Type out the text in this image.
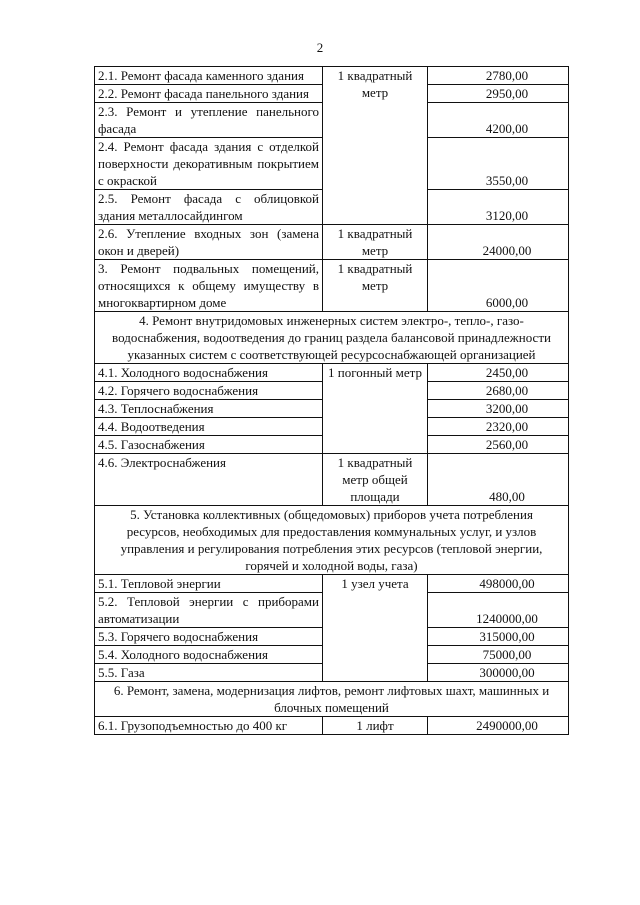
2
2.1. Ремонт фасада каменного здания	1 квадратный метр	2780,00
2.2. Ремонт фасада панельного здания		2950,00
2.3. Ремонт и утепление панельного фасада		4200,00
2.4. Ремонт фасада здания с отделкой поверхности декоративным покрытием с окраской		3550,00
2.5. Ремонт фасада с облицовкой здания металлосайдингом		3120,00
2.6. Утепление входных зон (замена окон и дверей)	1 квадратный метр	24000,00
3. Ремонт подвальных помещений, относящихся к общему имуществу в многоквартирном доме	1 квадратный метр	6000,00
4. Ремонт внутридомовых инженерных систем электро-, тепло-, газо-водоснабжения, водоотведения до границ раздела балансовой принадлежности указанных систем с соответствующей ресурсоснабжающей организацией		
4.1. Холодного водоснабжения	1 погонный метр	2450,00
4.2. Горячего водоснабжения		2680,00
4.3. Теплоснабжения		3200,00
4.4. Водоотведения		2320,00
4.5. Газоснабжения		2560,00
4.6. Электроснабжения	1 квадратный метр общей площади	480,00
5. Установка коллективных (общедомовых) приборов учета потребления ресурсов, необходимых для предоставления коммунальных услуг, и узлов управления и регулирования потребления этих ресурсов (тепловой энергии, горячей и холодной воды, газа)		
5.1. Тепловой энергии	1 узел учета	498000,00
5.2. Тепловой энергии с приборами автоматизации		1240000,00
5.3. Горячего водоснабжения		315000,00
5.4. Холодного водоснабжения		75000,00
5.5. Газа		300000,00
6. Ремонт, замена, модернизация лифтов, ремонт лифтовых шахт, машинных и блочных помещений		
6.1. Грузоподъемностью до 400 кг	1 лифт	2490000,00
